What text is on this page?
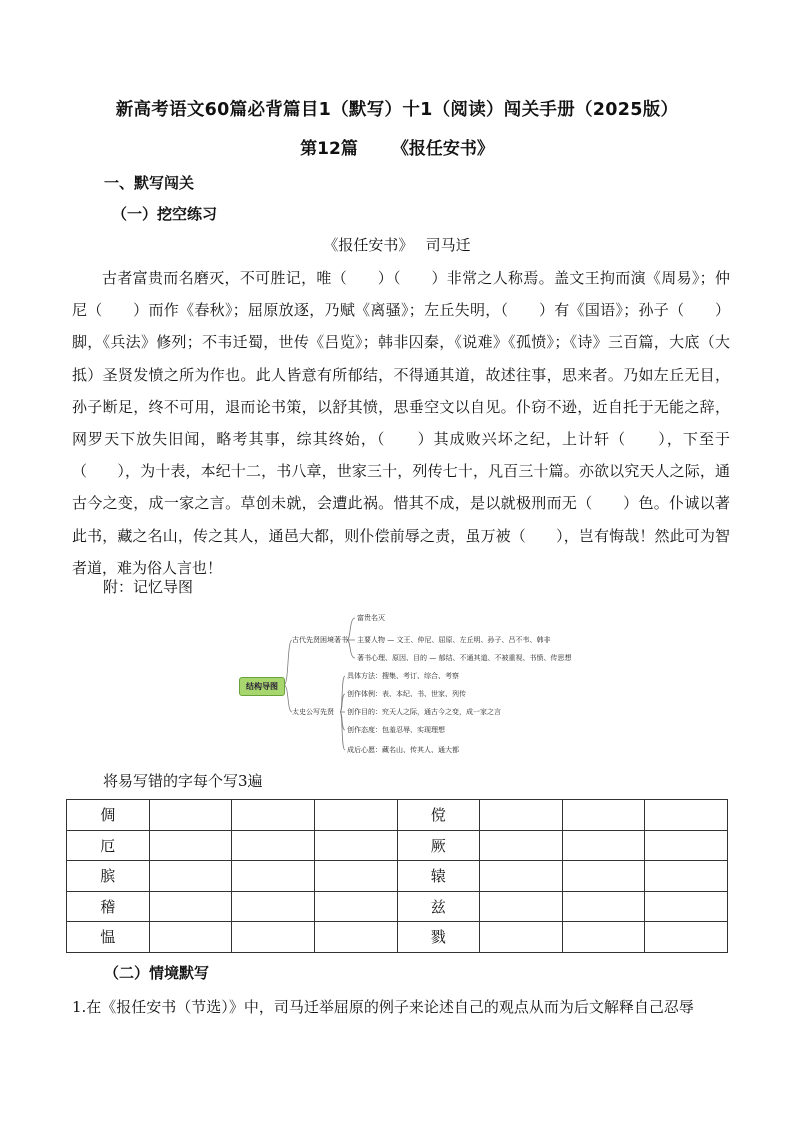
新高考语文60篇必背篇目1（默写）十1（阅读）闯关手册（2025版）
第12篇 《报任安书》
一、默写闯关
（一）挖空练习
《报任安书》　 司马迁
古者富贵而名磨灭，不可胜记，唯（　　）（　　）非常之人称焉。盖文王拘而演《周易》；仲尼（　　）而作《春秋》；屈原放逐，乃赋《离骚》；左丘失明，（　　）有《国语》；孙子（　　）脚，《兵法》修列；不韦迁蜀，世传《吕览》；韩非囚秦，《说难》《孤愤》；《诗》三百篇，大底（大抵）圣贤发愤之所为作也。此人皆意有所郁结，不得通其道，故述往事，思来者。乃如左丘无目，孙子断足，终不可用，退而论书策，以舒其愤，思垂空文以自见。仆窃不逊，近自托于无能之辞，网罗天下放失旧闻，略考其事，综其终始，（　　）其成败兴坏之纪，上计轩（　　），下至于（　　），为十表，本纪十二，书八章，世家三十，列传七十，凡百三十篇。亦欲以究天人之际，通古今之变，成一家之言。草创未就，会遭此祸。惜其不成，是以就极刑而无（　　）色。仆诚以著此书，藏之名山，传之其人，通邑大都，则仆偿前辱之责，虽万被（　　），岂有悔哉！然此可为智者道，难为俗人言也！
附：记忆导图
结构导图
古代先贤困境著书
富贵名灭
主要人物 — 文王、仲尼、屈原、左丘明、孙子、吕不韦、韩非
著书心理、原因、目的 — 郁结、不通其道、不被重视、书愤、传思想
太史公写先贤
具体方法：搜集、考订、综合、考察
创作体例：表、本纪、书、世家、列传
创作目的：究天人之际，通古今之变，成一家之言
创作态度：包羞忍辱、实现理想
成后心愿：藏名山、传其人、通大都
将易写错的字每个写3遍
倜				傥			
厄				厥			
膑				辕			
稽				兹			
愠				戮			
（二）情境默写
1.在《报任安书（节选）》中，司马迁举屈原的例子来论述自己的观点从而为后文解释自己忍辱
